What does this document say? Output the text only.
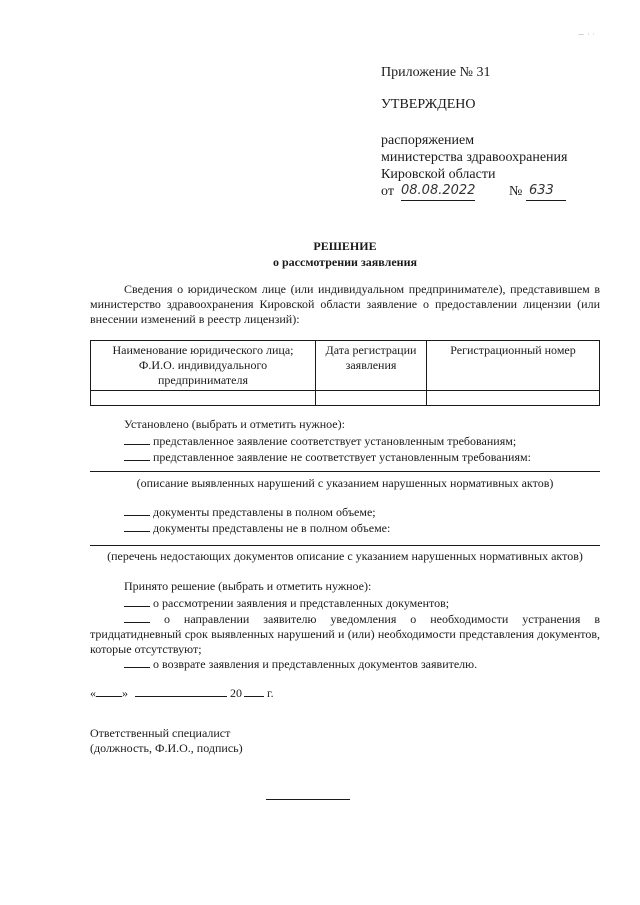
~ · ·
Приложение № 31
УТВЕРЖДЕНО
распоряжением
министерства здравоохранения
Кировской области
от 08.08.2022 № 633
РЕШЕНИЕ
о рассмотрении заявления
Сведения о юридическом лице (или индивидуальном предпринимателе), представившем в министерство здравоохранения Кировской области заявление о предоставлении лицензии (или внесении изменений в реестр лицензий):
Наименование юридического лица; Ф.И.О. индивидуального предпринимателя	Дата регистрации заявления	Регистрационный номер

Установлено (выбрать и отметить нужное):
представленное заявление соответствует установленным требованиям;
представленное заявление не соответствует установленным требованиям:
(описание выявленных нарушений с указанием нарушенных нормативных актов)
документы представлены в полном объеме;
документы представлены не в полном объеме:
(перечень недостающих документов описание с указанием нарушенных нормативных актов)
Принято решение (выбрать и отметить нужное):
о рассмотрении заявления и представленных документов;
о направлении заявителю уведомления о необходимости устранения в тридцатидневный срок выявленных нарушений и (или) необходимости представления документов, которые отсутствуют;
о возврате заявления и представленных документов заявителю.
« »	20 г.
Ответственный специалист
(должность, Ф.И.О., подпись)
